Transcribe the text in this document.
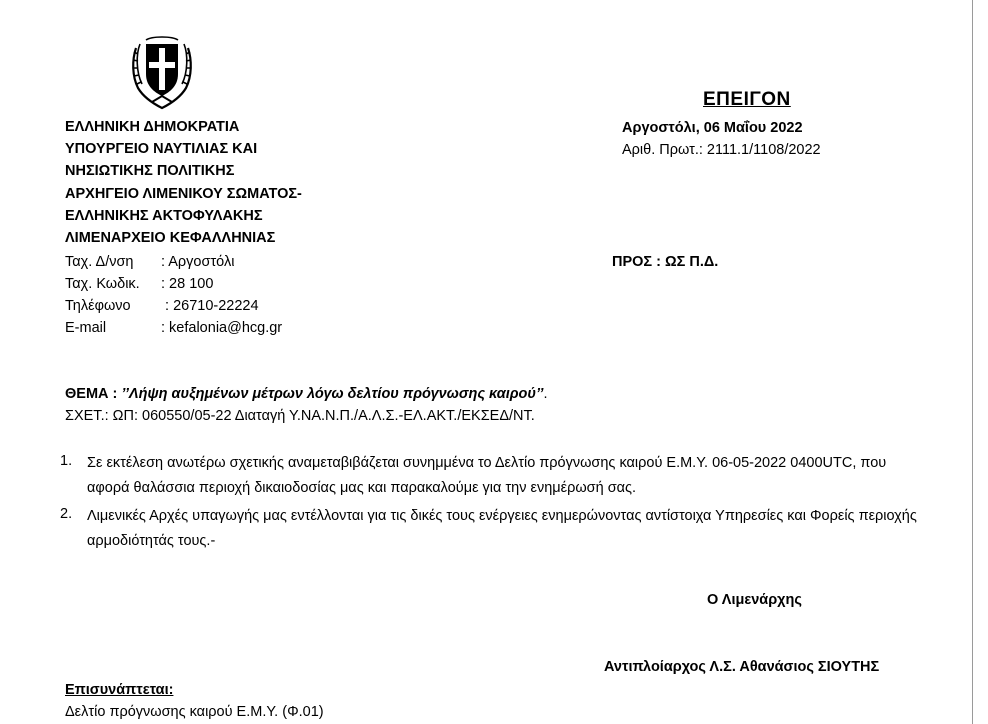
ΕΠΕΙΓΟΝ
Αργοστόλι, 06 Μαΐου 2022
Αριθ. Πρωτ.: 2111.1/1108/2022
ΕΛΛΗΝΙΚΗ ΔΗΜΟΚΡΑΤΙΑ
ΥΠΟΥΡΓΕΙΟ ΝΑΥΤΙΛΙΑΣ ΚΑΙ
ΝΗΣΙΩΤΙΚΗΣ ΠΟΛΙΤΙΚΗΣ
ΑΡΧΗΓΕΙΟ ΛΙΜΕΝΙΚΟΥ ΣΩΜΑΤΟΣ-
ΕΛΛΗΝΙΚΗΣ ΑΚΤΟΦΥΛΑΚΗΣ
ΛΙΜΕΝΑΡΧΕΙΟ ΚΕΦΑΛΛΗΝΙΑΣ
Ταχ. Δ/νση : Αργοστόλι
Ταχ. Κωδικ. : 28 100
Τηλέφωνο : 26710-22224
E-mail	: kefalonia@hcg.gr
ΠΡΟΣ : ΩΣ Π.Δ.
ΘΕΜΑ : ’’Λήψη αυξημένων μέτρων λόγω δελτίου πρόγνωσης καιρού’’.
ΣΧΕΤ.: ΩΠ: 060550/05-22 Διαταγή Υ.ΝΑ.Ν.Π./Α.Λ.Σ.-ΕΛ.ΑΚΤ./ΕΚΣΕΔ/ΝΤ.
1. Σε εκτέλεση ανωτέρω σχετικής αναμεταβιβάζεται συνημμένα το Δελτίο πρόγνωσης καιρού Ε.Μ.Υ. 06-05-2022 0400UTC, που αφορά θαλάσσια περιοχή δικαιοδοσίας μας και παρακαλούμε για την ενημέρωσή σας.
2. Λιμενικές Αρχές υπαγωγής μας εντέλλονται για τις δικές τους ενέργειες ενημερώνοντας αντίστοιχα Υπηρεσίες και Φορείς περιοχής αρμοδιότητάς τους.-
Ο Λιμενάρχης
Αντιπλοίαρχος Λ.Σ. Αθανάσιος ΣΙΟΥΤΗΣ
Επισυνάπτεται:
Δελτίο πρόγνωσης καιρού Ε.Μ.Υ. (Φ.01)
